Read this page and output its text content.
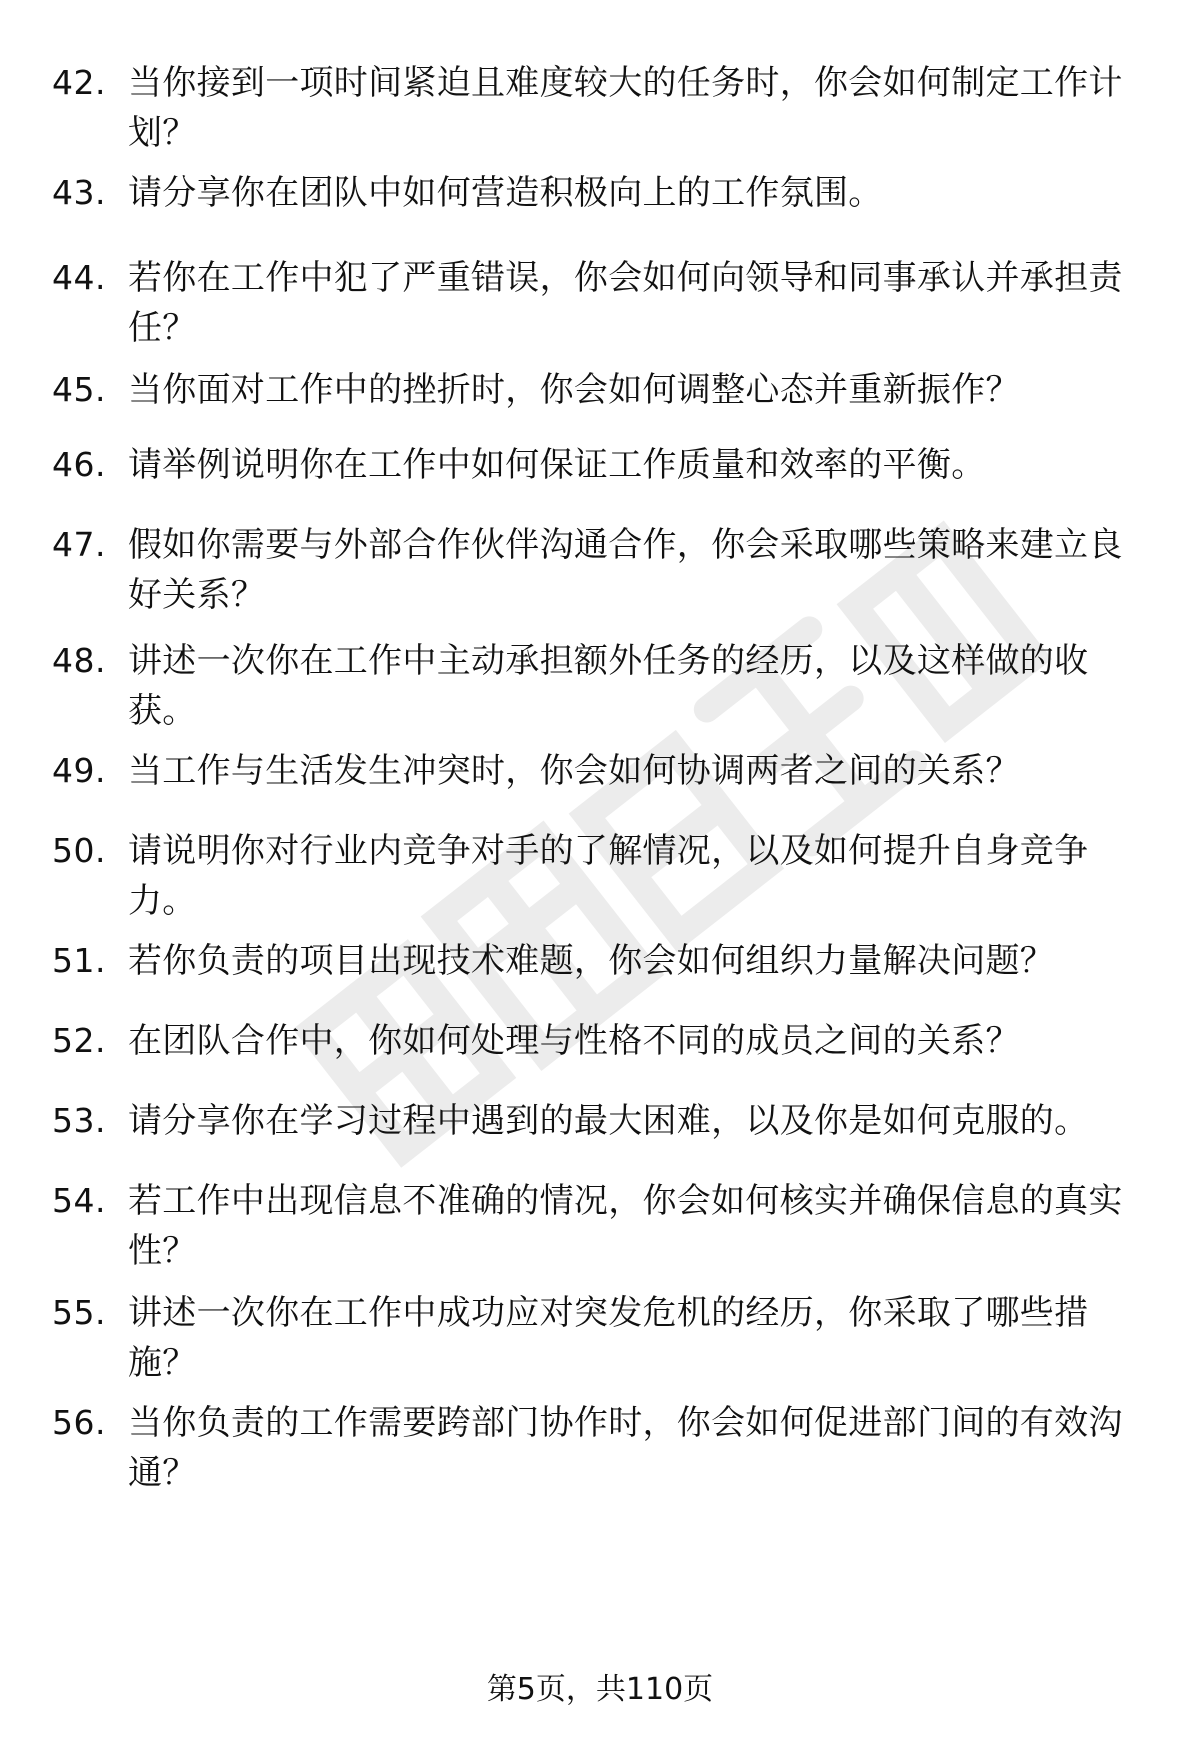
42. 当你接到一项时间紧迫且难度较大的任务时，你会如何制定工作计划？
43. 请分享你在团队中如何营造积极向上的工作氛围。
44. 若你在工作中犯了严重错误，你会如何向领导和同事承认并承担责任？
45. 当你面对工作中的挫折时，你会如何调整心态并重新振作？
46. 请举例说明你在工作中如何保证工作质量和效率的平衡。
47. 假如你需要与外部合作伙伴沟通合作，你会采取哪些策略来建立良好关系？
48. 讲述一次你在工作中主动承担额外任务的经历，以及这样做的收获。
49. 当工作与生活发生冲突时，你会如何协调两者之间的关系？
50. 请说明你对行业内竞争对手的了解情况，以及如何提升自身竞争力。
51. 若你负责的项目出现技术难题，你会如何组织力量解决问题？
52. 在团队合作中，你如何处理与性格不同的成员之间的关系？
53. 请分享你在学习过程中遇到的最大困难，以及你是如何克服的。
54. 若工作中出现信息不准确的情况，你会如何核实并确保信息的真实性？
55. 讲述一次你在工作中成功应对突发危机的经历，你采取了哪些措施？
56. 当你负责的工作需要跨部门协作时，你会如何促进部门间的有效沟通？
第5页，共110页
